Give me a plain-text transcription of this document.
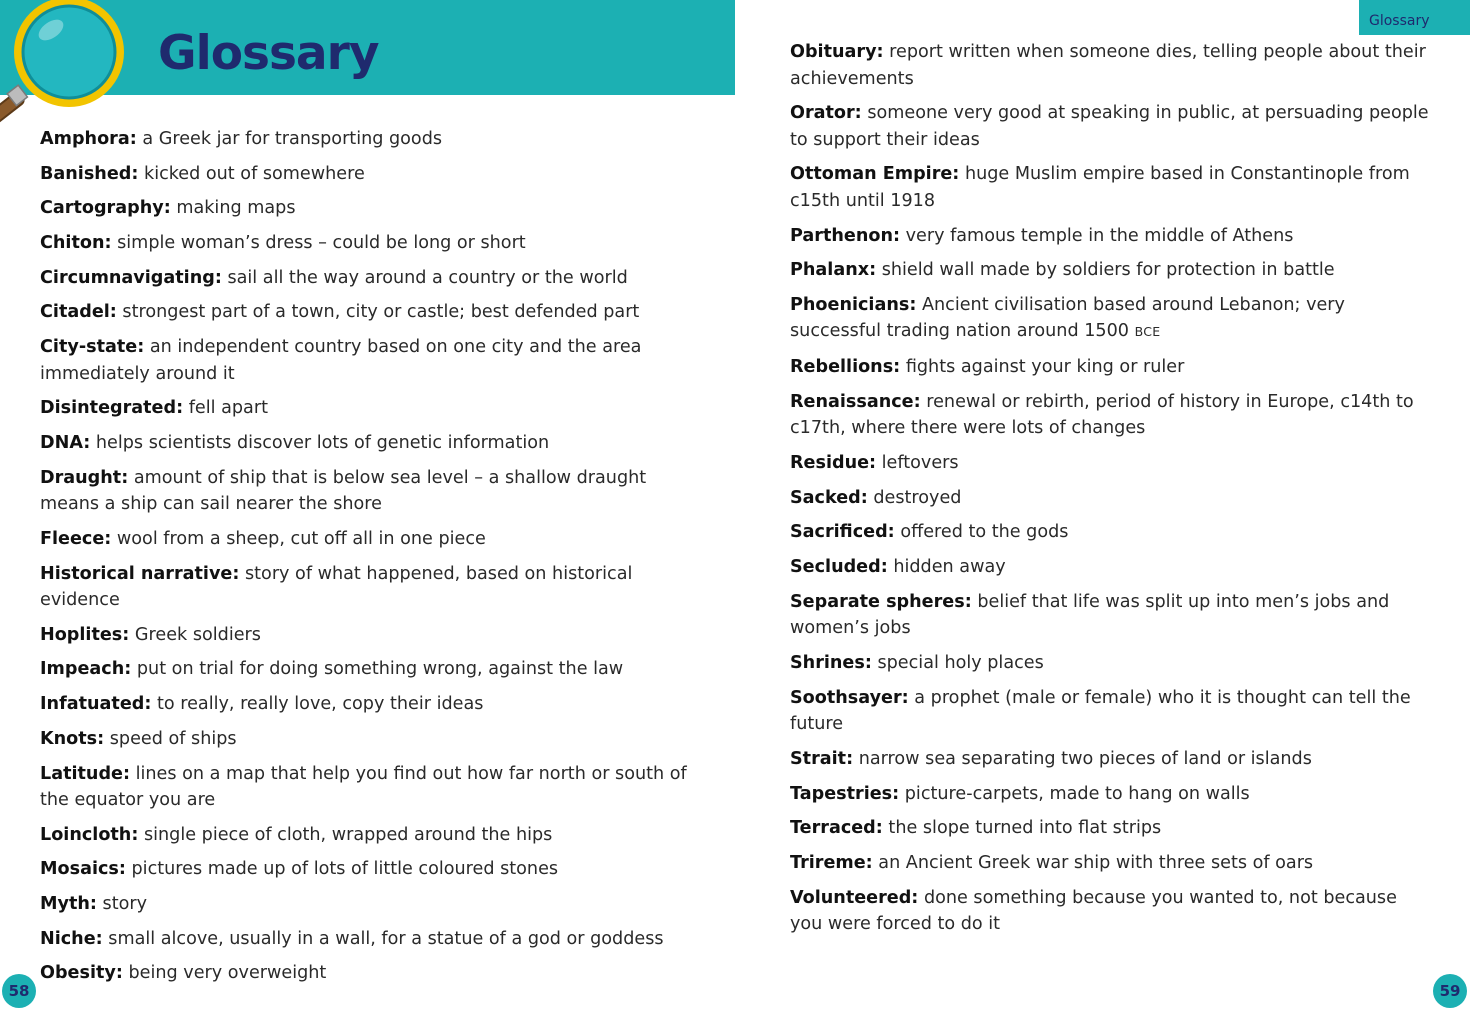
Glossary
Amphora: a Greek jar for transporting goods
Banished: kicked out of somewhere
Cartography: making maps
Chiton: simple woman’s dress – could be long or short
Circumnavigating: sail all the way around a country or the world
Citadel: strongest part of a town, city or castle; best defended part
City-state: an independent country based on one city and the area immediately around it
Disintegrated: fell apart
DNA: helps scientists discover lots of genetic information
Draught: amount of ship that is below sea level – a shallow draught means a ship can sail nearer the shore
Fleece: wool from a sheep, cut off all in one piece
Historical narrative: story of what happened, based on historical evidence
Hoplites: Greek soldiers
Impeach: put on trial for doing something wrong, against the law
Infatuated: to really, really love, copy their ideas
Knots: speed of ships
Latitude: lines on a map that help you find out how far north or south of the equator you are
Loincloth: single piece of cloth, wrapped around the hips
Mosaics: pictures made up of lots of little coloured stones
Myth: story
Niche: small alcove, usually in a wall, for a statue of a god or goddess
Obesity: being very overweight
58
Glossary
Obituary: report written when someone dies, telling people about their achievements
Orator: someone very good at speaking in public, at persuading people to support their ideas
Ottoman Empire: huge Muslim empire based in Constantinople from c15th until 1918
Parthenon: very famous temple in the middle of Athens
Phalanx: shield wall made by soldiers for protection in battle
Phoenicians: Ancient civilisation based around Lebanon; very successful trading nation around 1500 BCE
Rebellions: fights against your king or ruler
Renaissance: renewal or rebirth, period of history in Europe, c14th to c17th, where there were lots of changes
Residue: leftovers
Sacked: destroyed
Sacrificed: offered to the gods
Secluded: hidden away
Separate spheres: belief that life was split up into men’s jobs and women’s jobs
Shrines: special holy places
Soothsayer: a prophet (male or female) who it is thought can tell the future
Strait: narrow sea separating two pieces of land or islands
Tapestries: picture-carpets, made to hang on walls
Terraced: the slope turned into flat strips
Trireme: an Ancient Greek war ship with three sets of oars
Volunteered: done something because you wanted to, not because you were forced to do it
59
